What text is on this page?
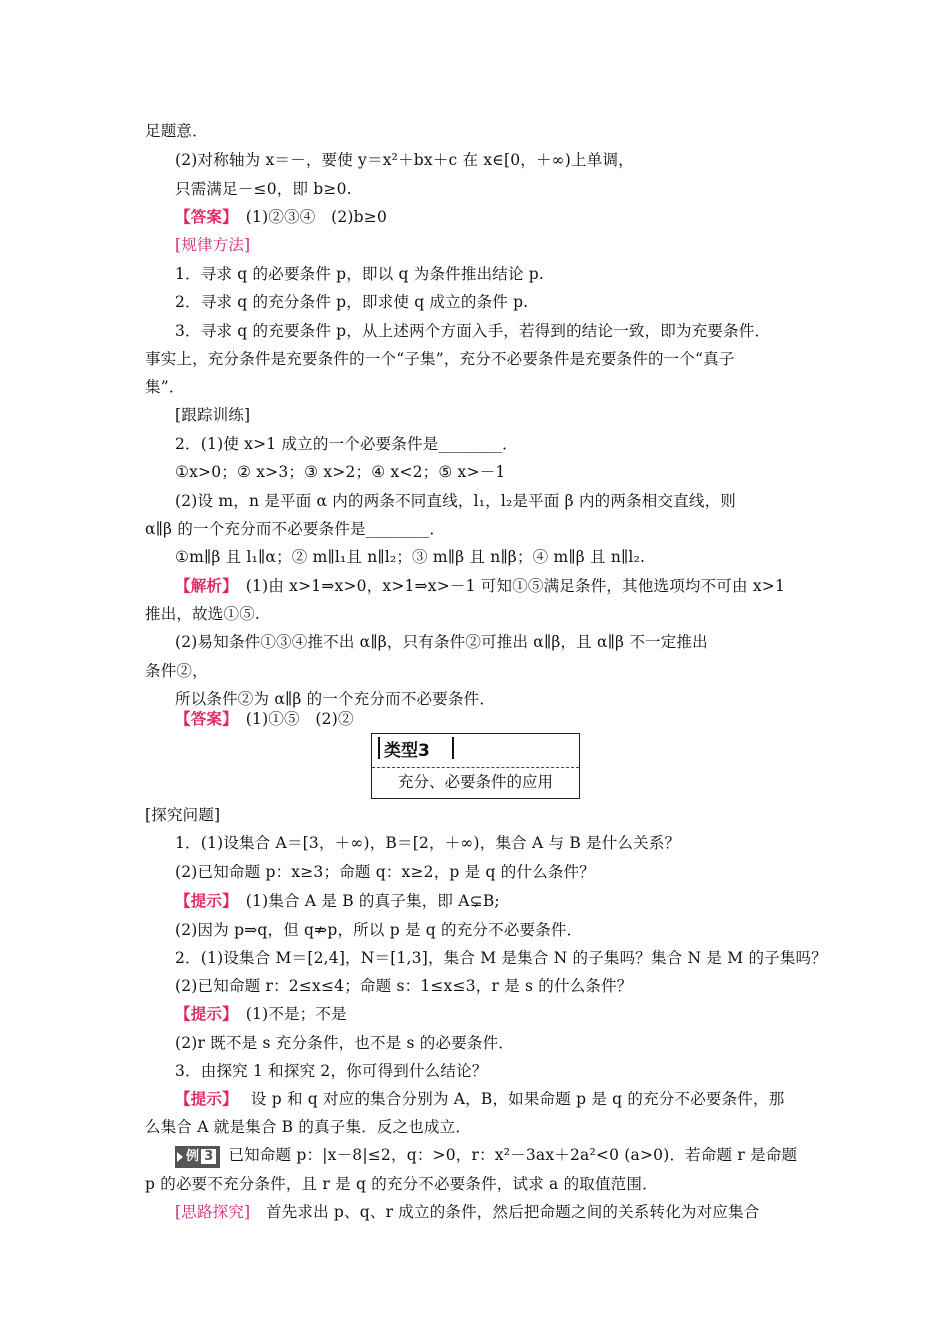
足题意．
(2)对称轴为 x＝－，要使 y＝x²＋bx＋c 在 x∈[0，＋∞)上单调，
只需满足－≤0，即 b≥0.
【答案】　(1)②③④　(2)b≥0
[规律方法]
1．寻求 q 的必要条件 p，即以 q 为条件推出结论 p.
2．寻求 q 的充分条件 p，即求使 q 成立的条件 p.
3．寻求 q 的充要条件 p，从上述两个方面入手，若得到的结论一致，即为充要条件．
事实上，充分条件是充要条件的一个“子集”，充分不必要条件是充要条件的一个“真子
集”．
[跟踪训练]
2．(1)使 x>1 成立的一个必要条件是________．
①x>0；② x>3；③ x>2；④ x<2；⑤ x>－1
(2)设 m，n 是平面 α 内的两条不同直线，l₁，l₂是平面 β 内的两条相交直线，则
α∥β 的一个充分而不必要条件是________．
①m∥β 且 l₁∥α；② m∥l₁且 n∥l₂；③ m∥β 且 n∥β；④ m∥β 且 n∥l₂.
【解析】　(1)由 x>1⇒x>0，x>1⇒x>－1 可知①⑤满足条件，其他选项均不可由 x>1
推出，故选①⑤.
(2)易知条件①③④推不出 α∥β，只有条件②可推出 α∥β，且 α∥β 不一定推出
条件②，
所以条件②为 α∥β 的一个充分而不必要条件．
【答案】　(1)①⑤　(2)②
类型3
充分、必要条件的应用
[探究问题]
1．(1)设集合 A＝[3，＋∞)，B＝[2，＋∞)，集合 A 与 B 是什么关系？
(2)已知命题 p：x≥3；命题 q：x≥2，p 是 q 的什么条件？
【提示】　(1)集合 A 是 B 的真子集，即 A⊊B;
(2)因为 p⇒q，但 q⇏p，所以 p 是 q 的充分不必要条件．
2．(1)设集合 M＝[2,4]，N＝[1,3]，集合 M 是集合 N 的子集吗？集合 N 是 M 的子集吗？
(2)已知命题 r：2≤x≤4；命题 s：1≤x≤3，r 是 s 的什么条件？
【提示】　(1)不是；不是
(2)r 既不是 s 充分条件，也不是 s 的必要条件．
3．由探究 1 和探究 2，你可得到什么结论？
【提示】　 设 p 和 q 对应的集合分别为 A，B，如果命题 p 是 q 的充分不必要条件，那
么集合 A 就是集合 B 的真子集．反之也成立．
例 3 已知命题 p：|x－8|≤2，q：>0，r：x²－3ax＋2a²<0 (a>0)．若命题 r 是命题
p 的必要不充分条件，且 r 是 q 的充分不必要条件，试求 a 的取值范围．
[思路探究]　首先求出 p、q、r 成立的条件，然后把命题之间的关系转化为对应集合
